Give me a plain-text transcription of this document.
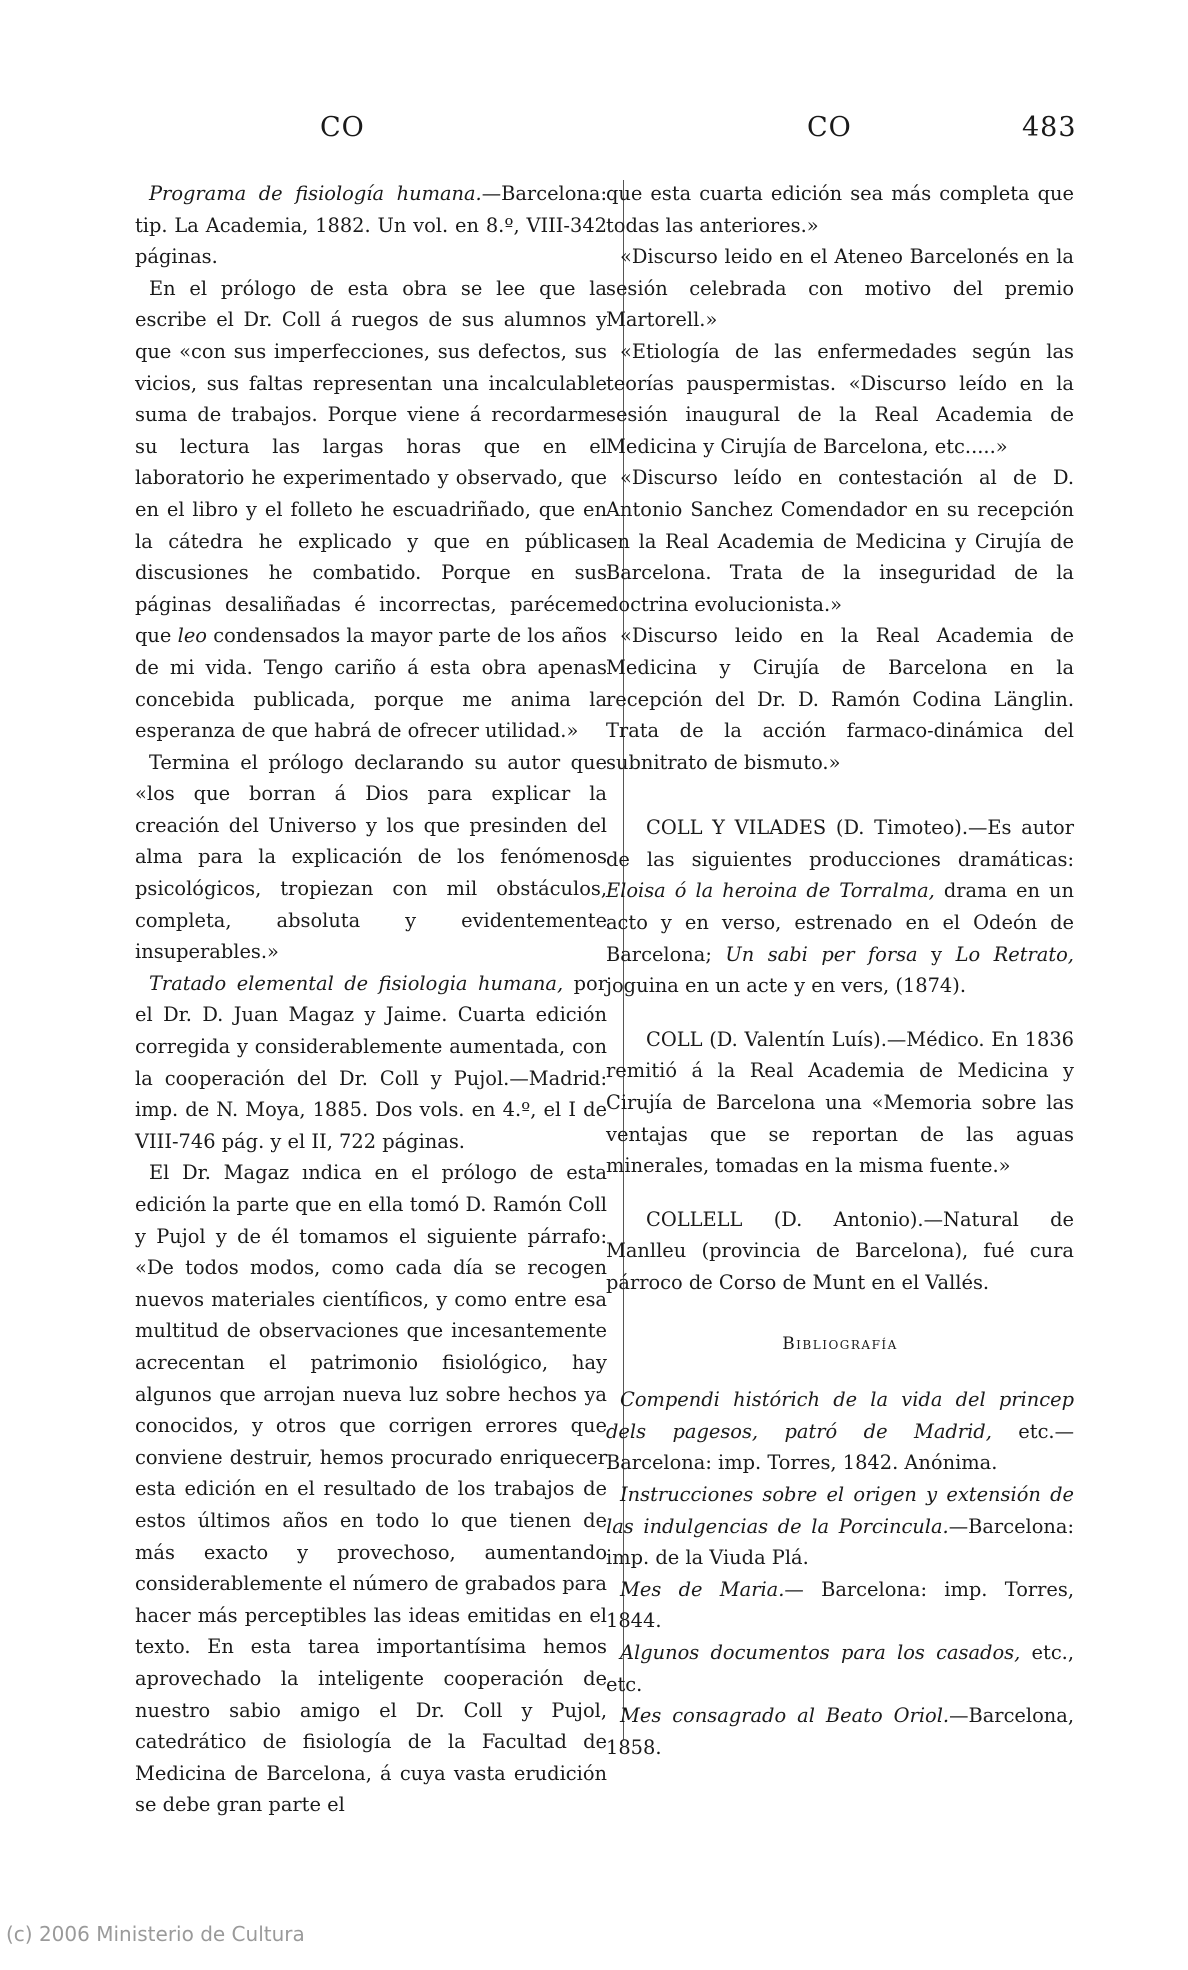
CO	CO	483

Programa de fisiología humana.—Barcelona: tip. La Academia, 1882. Un vol. en 8.º, VIII-342 páginas.

En el prólogo de esta obra se lee que la escribe el Dr. Coll á ruegos de sus alumnos y que «con sus imperfecciones, sus defectos, sus vicios, sus faltas representan una incalculable suma de trabajos. Porque viene á recordarme su lectura las largas horas que en el laboratorio he experimentado y observado, que en el libro y el folleto he escuadriñado, que en la cátedra he explicado y que en públicas discusiones he combatido. Porque en sus páginas desaliñadas é incorrectas, paréceme que leo condensados la mayor parte de los años de mi vida. Tengo cariño á esta obra apenas concebida publicada, porque me anima la esperanza de que habrá de ofrecer utilidad.»

Termina el prólogo declarando su autor que «los que borran á Dios para explicar la creación del Universo y los que presinden del alma para la explicación de los fenómenos psicológicos, tropiezan con mil obstáculos, completa, absoluta y evidentemente insuperables.»

Tratado elemental de fisiologia humana, por el Dr. D. Juan Magaz y Jaime. Cuarta edición corregida y considerablemente aumentada, con la cooperación del Dr. Coll y Pujol.—Madrid: imp. de N. Moya, 1885. Dos vols. en 4.º, el I de VIII-746 pág. y el II, 722 páginas.

El Dr. Magaz ındica en el prólogo de esta edición la parte que en ella tomó D. Ramón Coll y Pujol y de él tomamos el siguiente párrafo: «De todos modos, como cada día se recogen nuevos materiales científicos, y como entre esa multitud de observaciones que incesantemente acrecentan el patrimonio fisiológico, hay algunos que arrojan nueva luz sobre hechos ya conocidos, y otros que corrigen errores que conviene destruir, hemos procurado enriquecer esta edición en el resultado de los trabajos de estos últimos años en todo lo que tienen de más exacto y provechoso, aumentando considerablemente el número de grabados para hacer más perceptibles las ideas emitidas en el texto. En esta tarea importantísima hemos aprovechado la inteligente cooperación de nuestro sabio amigo el Dr. Coll y Pujol, catedrático de fisiología de la Facultad de Medicina de Barcelona, á cuya vasta erudición se debe gran parte el

que esta cuarta edición sea más completa que todas las anteriores.»

«Discurso leido en el Ateneo Barcelonés en la sesión celebrada con motivo del premio Martorell.»

«Etiología de las enfermedades según las teorías pauspermistas. «Discurso leído en la sesión inaugural de la Real Academia de Medicina y Cirujía de Barcelona, etc.....»

«Discurso leído en contestación al de D. Antonio Sanchez Comendador en su recepción en la Real Academia de Medicina y Cirujía de Barcelona. Trata de la inseguridad de la doctrina evolucionista.»

«Discurso leido en la Real Academia de Medicina y Cirujía de Barcelona en la recepción del Dr. D. Ramón Codina Länglin. Trata de la acción farmaco-dinámica del subnitrato de bismuto.»

COLL Y VILADES (D. Timoteo).—Es autor de las siguientes producciones dramáticas: Eloisa ó la heroina de Torralma, drama en un acto y en verso, estrenado en el Odeón de Barcelona; Un sabi per forsa y Lo Retrato, joguina en un acte y en vers, (1874).

COLL (D. Valentín Luís).—Médico. En 1836 remitió á la Real Academia de Medicina y Cirujía de Barcelona una «Memoria sobre las ventajas que se reportan de las aguas minerales, tomadas en la misma fuente.»

COLLELL (D. Antonio).—Natural de Manlleu (provincia de Barcelona), fué cura párroco de Corso de Munt en el Vallés.

Bibliografía

Compendi histórich de la vida del princep dels pagesos, patró de Madrid, etc.—Barcelona: imp. Torres, 1842. Anónima.

Instrucciones sobre el origen y extensión de las indulgencias de la Porcincula.—Barcelona: imp. de la Viuda Plá.

Mes de Maria.— Barcelona: imp. Torres, 1844.

Algunos documentos para los casados, etc., etc.

Mes consagrado al Beato Oriol.—Barcelona, 1858.

(c) 2006 Ministerio de Cultura
